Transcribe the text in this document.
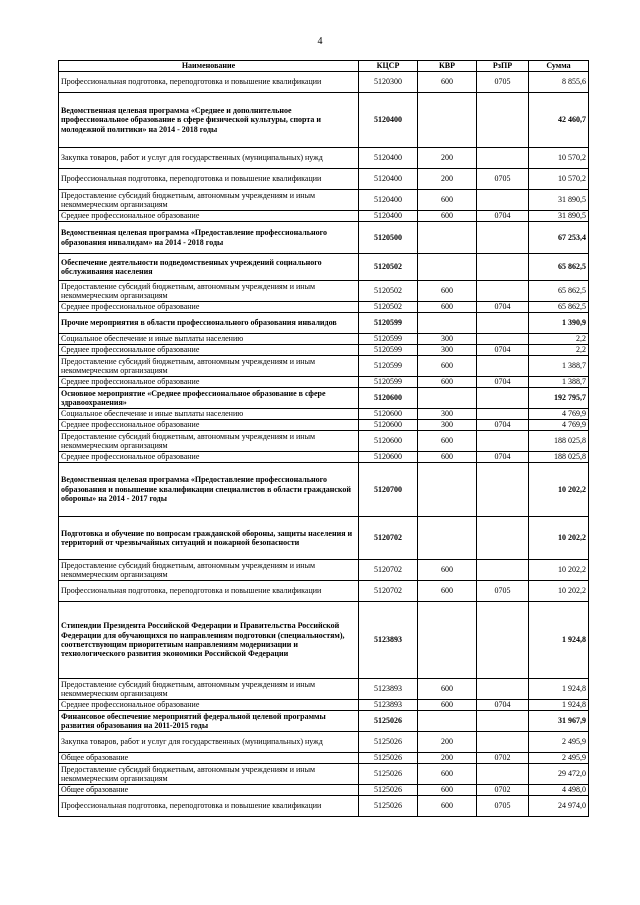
4
Наименование	КЦСР	КВР	РзПР	Сумма
Профессиональная подготовка, переподготовка и повышение квалификации	5120300	600	0705	8 855,6
Ведомственная целевая программа «Среднее и дополнительное профессиональное образование в сфере физической культуры, спорта и молодежной политики» на 2014 - 2018 годы	5120400			42 460,7
Закупка товаров, работ и услуг для государственных (муниципальных) нужд	5120400	200		10 570,2
Профессиональная подготовка, переподготовка и повышение квалификации	5120400	200	0705	10 570,2
Предоставление субсидий бюджетным, автономным учреждениям и иным некоммерческим организациям	5120400	600		31 890,5
Среднее профессиональное образование	5120400	600	0704	31 890,5
Ведомственная целевая программа «Предоставление профессионального образования инвалидам» на 2014 - 2018 годы	5120500			67 253,4
Обеспечение деятельности подведомственных учреждений социального обслуживания населения	5120502			65 862,5
Предоставление субсидий бюджетным, автономным учреждениям и иным некоммерческим организациям	5120502	600		65 862,5
Среднее профессиональное образование	5120502	600	0704	65 862,5
Прочие мероприятия в области профессионального образования инвалидов	5120599			1 390,9
Социальное обеспечение и иные выплаты населению	5120599	300		2,2
Среднее профессиональное образование	5120599	300	0704	2,2
Предоставление субсидий бюджетным, автономным учреждениям и иным некоммерческим организациям	5120599	600		1 388,7
Среднее профессиональное образование	5120599	600	0704	1 388,7
Основное мероприятие «Среднее профессиональное образование в сфере здравоохранения»	5120600			192 795,7
Социальное обеспечение и иные выплаты населению	5120600	300		4 769,9
Среднее профессиональное образование	5120600	300	0704	4 769,9
Предоставление субсидий бюджетным, автономным учреждениям и иным некоммерческим организациям	5120600	600		188 025,8
Среднее профессиональное образование	5120600	600	0704	188 025,8
Ведомственная целевая программа «Предоставление профессионального образования и повышение квалификации специалистов в области гражданской обороны» на 2014 - 2017 годы	5120700			10 202,2
Подготовка и обучение по вопросам гражданской обороны, защиты населения и территорий от чрезвычайных ситуаций и пожарной безопасности	5120702			10 202,2
Предоставление субсидий бюджетным, автономным учреждениям и иным некоммерческим организациям	5120702	600		10 202,2
Профессиональная подготовка, переподготовка и повышение квалификации	5120702	600	0705	10 202,2
Стипендии Президента Российской Федерации и Правительства Российской Федерации для обучающихся по направлениям подготовки (специальностям), соответствующим приоритетным направлениям модернизации и технологического развития экономики Российской Федерации	5123893			1 924,8
Предоставление субсидий бюджетным, автономным учреждениям и иным некоммерческим организациям	5123893	600		1 924,8
Среднее профессиональное образование	5123893	600	0704	1 924,8
Финансовое обеспечение мероприятий федеральной целевой программы развития образования на 2011-2015 годы	5125026			31 967,9
Закупка товаров, работ и услуг для государственных (муниципальных) нужд	5125026	200		2 495,9
Общее образование	5125026	200	0702	2 495,9
Предоставление субсидий бюджетным, автономным учреждениям и иным некоммерческим организациям	5125026	600		29 472,0
Общее образование	5125026	600	0702	4 498,0
Профессиональная подготовка, переподготовка и повышение квалификации	5125026	600	0705	24 974,0
